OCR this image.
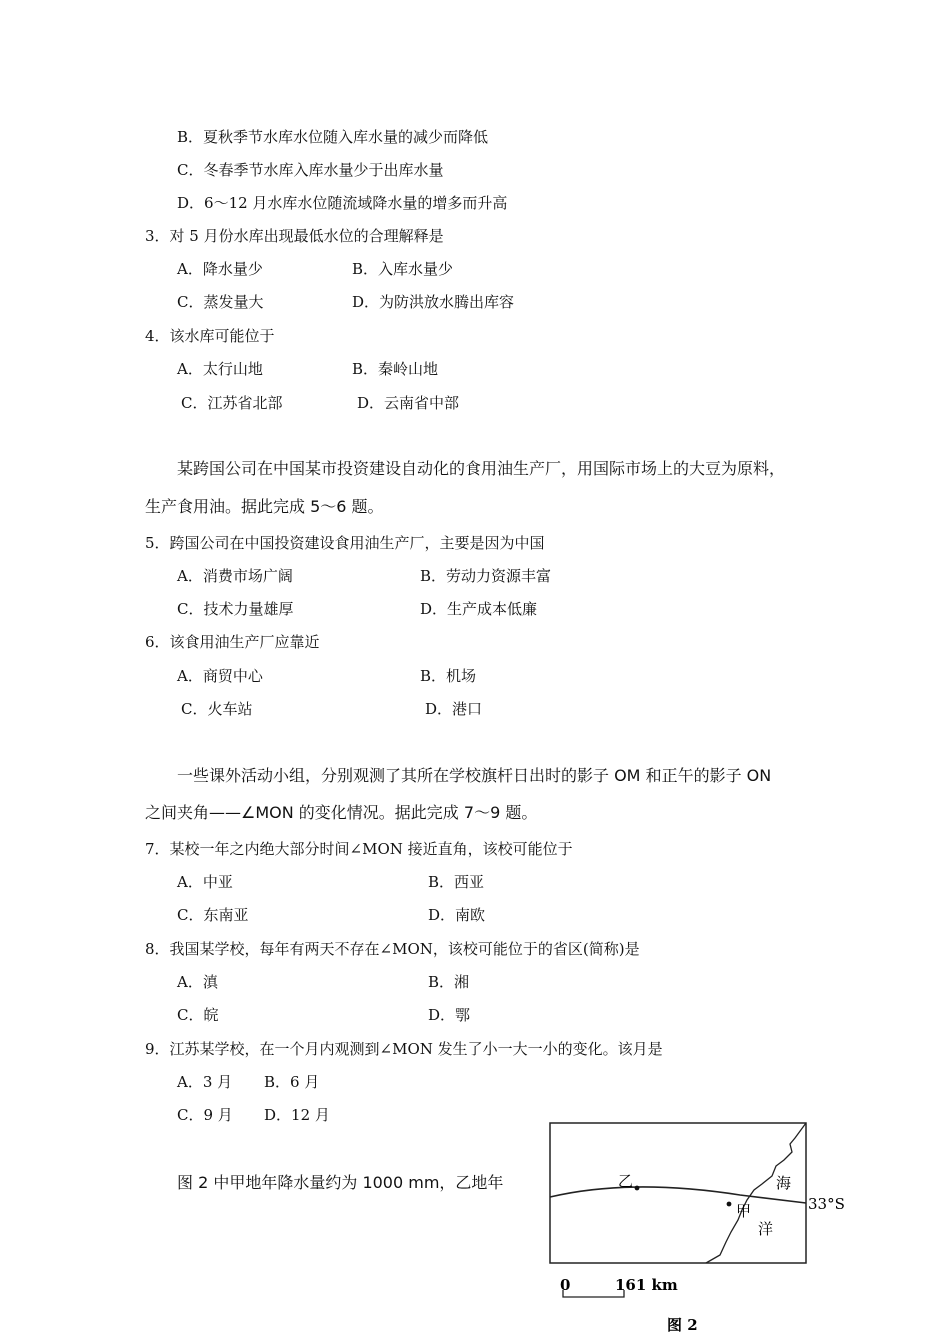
B．夏秋季节水库水位随入库水量的减少而降低
C．冬春季节水库入库水量少于出库水量
D．6～12 月水库水位随流域降水量的增多而升高
3．对 5 月份水库出现最低水位的合理解释是
A．降水量少	B．入库水量少
C．蒸发量大	D．为防洪放水腾出库容
4．该水库可能位于
A．太行山地	B．秦岭山地
C．江苏省北部	D．云南省中部
某跨国公司在中国某市投资建设自动化的食用油生产厂，用国际市场上的大豆为原料，
生产食用油。据此完成 5～6 题。
5．跨国公司在中国投资建设食用油生产厂，主要是因为中国
A．消费市场广阔	B．劳动力资源丰富
C．技术力量雄厚	D．生产成本低廉
6．该食用油生产厂应靠近
A．商贸中心	B．机场
C．火车站	D．港口
一些课外活动小组，分别观测了其所在学校旗杆日出时的影子 OM 和正午的影子 ON
之间夹角——∠MON 的变化情况。据此完成 7～9 题。
7．某校一年之内绝大部分时间∠MON 接近直角，该校可能位于
A．中亚	B．西亚
C．东南亚	D．南欧
8．我国某学校，每年有两天不存在∠MON，该校可能位于的省区(简称)是
A．滇	B．湘
C．皖	D．鄂
9．江苏某学校，在一个月内观测到∠MON 发生了小一大一小的变化。该月是
A．3 月 B．6 月
C．9 月 D．12 月
图 2 中甲地年降水量约为 1000 mm，乙地年	乙
甲
海
洋
33°S
0	161 km
图 2
